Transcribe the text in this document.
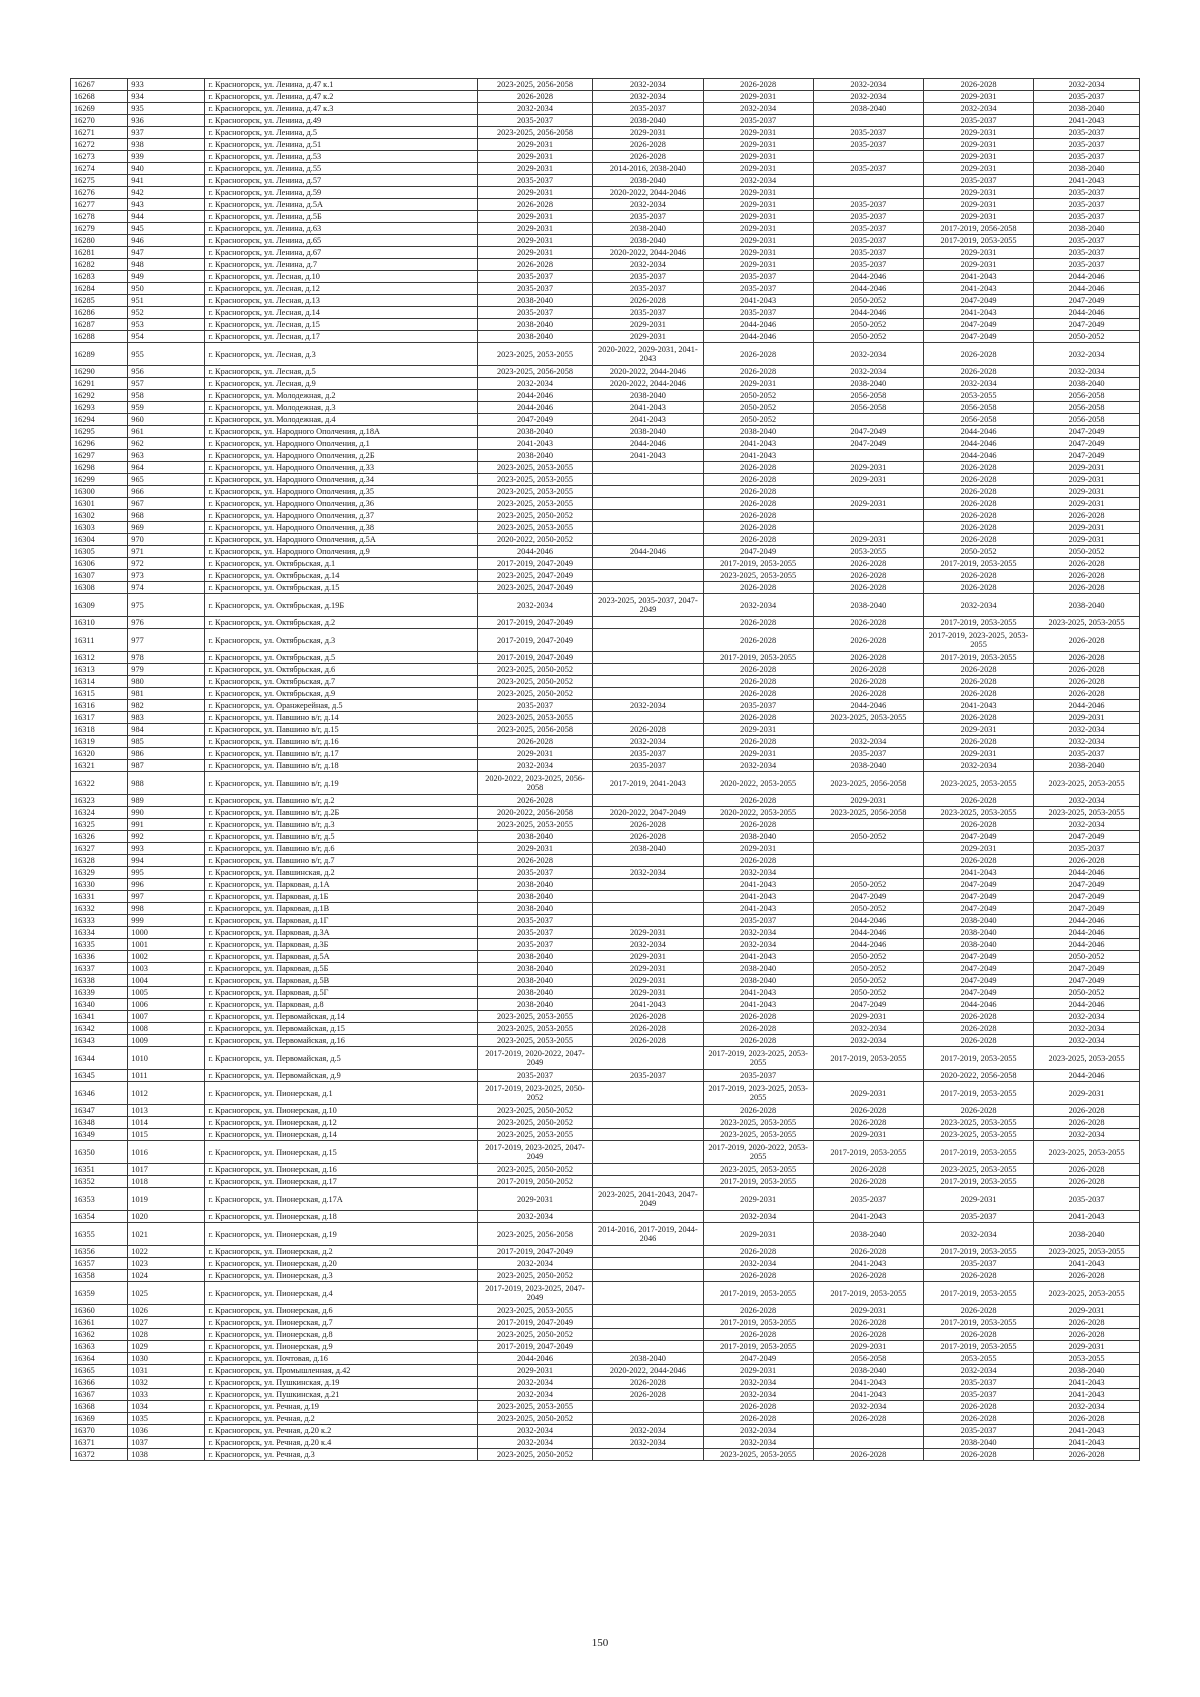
16267	933	г. Красногорск, ул. Ленина, д.47 к.1	2023-2025, 2056-2058	2032-2034	2026-2028	2032-2034	2026-2028	2032-2034
16268	934	г. Красногорск, ул. Ленина, д.47 к.2	2026-2028	2032-2034	2029-2031	2032-2034	2029-2031	2035-2037
16269	935	г. Красногорск, ул. Ленина, д.47 к.3	2032-2034	2035-2037	2032-2034	2038-2040	2032-2034	2038-2040
16270	936	г. Красногорск, ул. Ленина, д.49	2035-2037	2038-2040	2035-2037		2035-2037	2041-2043
16271	937	г. Красногорск, ул. Ленина, д.5	2023-2025, 2056-2058	2029-2031	2029-2031	2035-2037	2029-2031	2035-2037
16272	938	г. Красногорск, ул. Ленина, д.51	2029-2031	2026-2028	2029-2031	2035-2037	2029-2031	2035-2037
16273	939	г. Красногорск, ул. Ленина, д.53	2029-2031	2026-2028	2029-2031		2029-2031	2035-2037
16274	940	г. Красногорск, ул. Ленина, д.55	2029-2031	2014-2016, 2038-2040	2029-2031	2035-2037	2029-2031	2038-2040
16275	941	г. Красногорск, ул. Ленина, д.57	2035-2037	2038-2040	2032-2034		2035-2037	2041-2043
16276	942	г. Красногорск, ул. Ленина, д.59	2029-2031	2020-2022, 2044-2046	2029-2031		2029-2031	2035-2037
16277	943	г. Красногорск, ул. Ленина, д.5А	2026-2028	2032-2034	2029-2031	2035-2037	2029-2031	2035-2037
16278	944	г. Красногорск, ул. Ленина, д.5Б	2029-2031	2035-2037	2029-2031	2035-2037	2029-2031	2035-2037
16279	945	г. Красногорск, ул. Ленина, д.63	2029-2031	2038-2040	2029-2031	2035-2037	2017-2019, 2056-2058	2038-2040
16280	946	г. Красногорск, ул. Ленина, д.65	2029-2031	2038-2040	2029-2031	2035-2037	2017-2019, 2053-2055	2035-2037
16281	947	г. Красногорск, ул. Ленина, д.67	2029-2031	2020-2022, 2044-2046	2029-2031	2035-2037	2029-2031	2035-2037
16282	948	г. Красногорск, ул. Ленина, д.7	2026-2028	2032-2034	2029-2031	2035-2037	2029-2031	2035-2037
16283	949	г. Красногорск, ул. Лесная, д.10	2035-2037	2035-2037	2035-2037	2044-2046	2041-2043	2044-2046
16284	950	г. Красногорск, ул. Лесная, д.12	2035-2037	2035-2037	2035-2037	2044-2046	2041-2043	2044-2046
16285	951	г. Красногорск, ул. Лесная, д.13	2038-2040	2026-2028	2041-2043	2050-2052	2047-2049	2047-2049
16286	952	г. Красногорск, ул. Лесная, д.14	2035-2037	2035-2037	2035-2037	2044-2046	2041-2043	2044-2046
16287	953	г. Красногорск, ул. Лесная, д.15	2038-2040	2029-2031	2044-2046	2050-2052	2047-2049	2047-2049
16288	954	г. Красногорск, ул. Лесная, д.17	2038-2040	2029-2031	2044-2046	2050-2052	2047-2049	2050-2052
16289	955	г. Красногорск, ул. Лесная, д.3	2023-2025, 2053-2055	2020-2022, 2029-2031, 2041-2043	2026-2028	2032-2034	2026-2028	2032-2034
16290	956	г. Красногорск, ул. Лесная, д.5	2023-2025, 2056-2058	2020-2022, 2044-2046	2026-2028	2032-2034	2026-2028	2032-2034
16291	957	г. Красногорск, ул. Лесная, д.9	2032-2034	2020-2022, 2044-2046	2029-2031	2038-2040	2032-2034	2038-2040
16292	958	г. Красногорск, ул. Молодежная, д.2	2044-2046	2038-2040	2050-2052	2056-2058	2053-2055	2056-2058
16293	959	г. Красногорск, ул. Молодежная, д.3	2044-2046	2041-2043	2050-2052	2056-2058	2056-2058	2056-2058
16294	960	г. Красногорск, ул. Молодежная, д.4	2047-2049	2041-2043	2050-2052		2056-2058	2056-2058
16295	961	г. Красногорск, ул. Народного Ополчения, д.18А	2038-2040	2038-2040	2038-2040	2047-2049	2044-2046	2047-2049
16296	962	г. Красногорск, ул. Народного Ополчения, д.1	2041-2043	2044-2046	2041-2043	2047-2049	2044-2046	2047-2049
16297	963	г. Красногорск, ул. Народного Ополчения, д.2Б	2038-2040	2041-2043	2041-2043		2044-2046	2047-2049
16298	964	г. Красногорск, ул. Народного Ополчения, д.33	2023-2025, 2053-2055		2026-2028	2029-2031	2026-2028	2029-2031
16299	965	г. Красногорск, ул. Народного Ополчения, д.34	2023-2025, 2053-2055		2026-2028	2029-2031	2026-2028	2029-2031
16300	966	г. Красногорск, ул. Народного Ополчения, д.35	2023-2025, 2053-2055		2026-2028		2026-2028	2029-2031
16301	967	г. Красногорск, ул. Народного Ополчения, д.36	2023-2025, 2053-2055		2026-2028	2029-2031	2026-2028	2029-2031
16302	968	г. Красногорск, ул. Народного Ополчения, д.37	2023-2025, 2050-2052		2026-2028		2026-2028	2026-2028
16303	969	г. Красногорск, ул. Народного Ополчения, д.38	2023-2025, 2053-2055		2026-2028		2026-2028	2029-2031
16304	970	г. Красногорск, ул. Народного Ополчения, д.5А	2020-2022, 2050-2052		2026-2028	2029-2031	2026-2028	2029-2031
16305	971	г. Красногорск, ул. Народного Ополчения, д.9	2044-2046	2044-2046	2047-2049	2053-2055	2050-2052	2050-2052
16306	972	г. Красногорск, ул. Октябрьская, д.1	2017-2019, 2047-2049		2017-2019, 2053-2055	2026-2028	2017-2019, 2053-2055	2026-2028
16307	973	г. Красногорск, ул. Октябрьская, д.14	2023-2025, 2047-2049		2023-2025, 2053-2055	2026-2028	2026-2028	2026-2028
16308	974	г. Красногорск, ул. Октябрьская, д.15	2023-2025, 2047-2049		2026-2028	2026-2028	2026-2028	2026-2028
16309	975	г. Красногорск, ул. Октябрьская, д.19Б	2032-2034	2023-2025, 2035-2037, 2047-2049	2032-2034	2038-2040	2032-2034	2038-2040
16310	976	г. Красногорск, ул. Октябрьская, д.2	2017-2019, 2047-2049		2026-2028	2026-2028	2017-2019, 2053-2055	2023-2025, 2053-2055
16311	977	г. Красногорск, ул. Октябрьская, д.3	2017-2019, 2047-2049		2026-2028	2026-2028	2017-2019, 2023-2025, 2053-2055	2026-2028
16312	978	г. Красногорск, ул. Октябрьская, д.5	2017-2019, 2047-2049		2017-2019, 2053-2055	2026-2028	2017-2019, 2053-2055	2026-2028
16313	979	г. Красногорск, ул. Октябрьская, д.6	2023-2025, 2050-2052		2026-2028	2026-2028	2026-2028	2026-2028
16314	980	г. Красногорск, ул. Октябрьская, д.7	2023-2025, 2050-2052		2026-2028	2026-2028	2026-2028	2026-2028
16315	981	г. Красногорск, ул. Октябрьская, д.9	2023-2025, 2050-2052		2026-2028	2026-2028	2026-2028	2026-2028
16316	982	г. Красногорск, ул. Оранжерейная, д.5	2035-2037	2032-2034	2035-2037	2044-2046	2041-2043	2044-2046
16317	983	г. Красногорск, ул. Павшино в/г, д.14	2023-2025, 2053-2055		2026-2028	2023-2025, 2053-2055	2026-2028	2029-2031
16318	984	г. Красногорск, ул. Павшино в/г, д.15	2023-2025, 2056-2058	2026-2028	2029-2031		2029-2031	2032-2034
16319	985	г. Красногорск, ул. Павшино в/г, д.16	2026-2028	2032-2034	2026-2028	2032-2034	2026-2028	2032-2034
16320	986	г. Красногорск, ул. Павшино в/г, д.17	2029-2031	2035-2037	2029-2031	2035-2037	2029-2031	2035-2037
16321	987	г. Красногорск, ул. Павшино в/г, д.18	2032-2034	2035-2037	2032-2034	2038-2040	2032-2034	2038-2040
16322	988	г. Красногорск, ул. Павшино в/г, д.19	2020-2022, 2023-2025, 2056-2058	2017-2019, 2041-2043	2020-2022, 2053-2055	2023-2025, 2056-2058	2023-2025, 2053-2055	2023-2025, 2053-2055
16323	989	г. Красногорск, ул. Павшино в/г, д.2	2026-2028		2026-2028	2029-2031	2026-2028	2032-2034
16324	990	г. Красногорск, ул. Павшино в/г, д.2Б	2020-2022, 2056-2058	2020-2022, 2047-2049	2020-2022, 2053-2055	2023-2025, 2056-2058	2023-2025, 2053-2055	2023-2025, 2053-2055
16325	991	г. Красногорск, ул. Павшино в/г, д.3	2023-2025, 2053-2055	2026-2028	2026-2028		2026-2028	2032-2034
16326	992	г. Красногорск, ул. Павшино в/г, д.5	2038-2040	2026-2028	2038-2040	2050-2052	2047-2049	2047-2049
16327	993	г. Красногорск, ул. Павшино в/г, д.6	2029-2031	2038-2040	2029-2031		2029-2031	2035-2037
16328	994	г. Красногорск, ул. Павшино в/г, д.7	2026-2028		2026-2028		2026-2028	2026-2028
16329	995	г. Красногорск, ул. Павшинская, д.2	2035-2037	2032-2034	2032-2034		2041-2043	2044-2046
16330	996	г. Красногорск, ул. Парковая, д.1А	2038-2040		2041-2043	2050-2052	2047-2049	2047-2049
16331	997	г. Красногорск, ул. Парковая, д.1Б	2038-2040		2041-2043	2047-2049	2047-2049	2047-2049
16332	998	г. Красногорск, ул. Парковая, д.1В	2038-2040		2041-2043	2050-2052	2047-2049	2047-2049
16333	999	г. Красногорск, ул. Парковая, д.1Г	2035-2037		2035-2037	2044-2046	2038-2040	2044-2046
16334	1000	г. Красногорск, ул. Парковая, д.3А	2035-2037	2029-2031	2032-2034	2044-2046	2038-2040	2044-2046
16335	1001	г. Красногорск, ул. Парковая, д.3Б	2035-2037	2032-2034	2032-2034	2044-2046	2038-2040	2044-2046
16336	1002	г. Красногорск, ул. Парковая, д.5А	2038-2040	2029-2031	2041-2043	2050-2052	2047-2049	2050-2052
16337	1003	г. Красногорск, ул. Парковая, д.5Б	2038-2040	2029-2031	2038-2040	2050-2052	2047-2049	2047-2049
16338	1004	г. Красногорск, ул. Парковая, д.5В	2038-2040	2029-2031	2038-2040	2050-2052	2047-2049	2047-2049
16339	1005	г. Красногорск, ул. Парковая, д.5Г	2038-2040	2029-2031	2041-2043	2050-2052	2047-2049	2050-2052
16340	1006	г. Красногорск, ул. Парковая, д.8	2038-2040	2041-2043	2041-2043	2047-2049	2044-2046	2044-2046
16341	1007	г. Красногорск, ул. Первомайская, д.14	2023-2025, 2053-2055	2026-2028	2026-2028	2029-2031	2026-2028	2032-2034
16342	1008	г. Красногорск, ул. Первомайская, д.15	2023-2025, 2053-2055	2026-2028	2026-2028	2032-2034	2026-2028	2032-2034
16343	1009	г. Красногорск, ул. Первомайская, д.16	2023-2025, 2053-2055	2026-2028	2026-2028	2032-2034	2026-2028	2032-2034
16344	1010	г. Красногорск, ул. Первомайская, д.5	2017-2019, 2020-2022, 2047-2049		2017-2019, 2023-2025, 2053-2055	2017-2019, 2053-2055	2017-2019, 2053-2055	2023-2025, 2053-2055
16345	1011	г. Красногорск, ул. Первомайская, д.9	2035-2037	2035-2037	2035-2037		2020-2022, 2056-2058	2044-2046
16346	1012	г. Красногорск, ул. Пионерская, д.1	2017-2019, 2023-2025, 2050-2052		2017-2019, 2023-2025, 2053-2055	2029-2031	2017-2019, 2053-2055	2029-2031
16347	1013	г. Красногорск, ул. Пионерская, д.10	2023-2025, 2050-2052		2026-2028	2026-2028	2026-2028	2026-2028
16348	1014	г. Красногорск, ул. Пионерская, д.12	2023-2025, 2050-2052		2023-2025, 2053-2055	2026-2028	2023-2025, 2053-2055	2026-2028
16349	1015	г. Красногорск, ул. Пионерская, д.14	2023-2025, 2053-2055		2023-2025, 2053-2055	2029-2031	2023-2025, 2053-2055	2032-2034
16350	1016	г. Красногорск, ул. Пионерская, д.15	2017-2019, 2023-2025, 2047-2049		2017-2019, 2020-2022, 2053-2055	2017-2019, 2053-2055	2017-2019, 2053-2055	2023-2025, 2053-2055
16351	1017	г. Красногорск, ул. Пионерская, д.16	2023-2025, 2050-2052		2023-2025, 2053-2055	2026-2028	2023-2025, 2053-2055	2026-2028
16352	1018	г. Красногорск, ул. Пионерская, д.17	2017-2019, 2050-2052		2017-2019, 2053-2055	2026-2028	2017-2019, 2053-2055	2026-2028
16353	1019	г. Красногорск, ул. Пионерская, д.17А	2029-2031	2023-2025, 2041-2043, 2047-2049	2029-2031	2035-2037	2029-2031	2035-2037
16354	1020	г. Красногорск, ул. Пионерская, д.18	2032-2034		2032-2034	2041-2043	2035-2037	2041-2043
16355	1021	г. Красногорск, ул. Пионерская, д.19	2023-2025, 2056-2058	2014-2016, 2017-2019, 2044-2046	2029-2031	2038-2040	2032-2034	2038-2040
16356	1022	г. Красногорск, ул. Пионерская, д.2	2017-2019, 2047-2049		2026-2028	2026-2028	2017-2019, 2053-2055	2023-2025, 2053-2055
16357	1023	г. Красногорск, ул. Пионерская, д.20	2032-2034		2032-2034	2041-2043	2035-2037	2041-2043
16358	1024	г. Красногорск, ул. Пионерская, д.3	2023-2025, 2050-2052		2026-2028	2026-2028	2026-2028	2026-2028
16359	1025	г. Красногорск, ул. Пионерская, д.4	2017-2019, 2023-2025, 2047-2049		2017-2019, 2053-2055	2017-2019, 2053-2055	2017-2019, 2053-2055	2023-2025, 2053-2055
16360	1026	г. Красногорск, ул. Пионерская, д.6	2023-2025, 2053-2055		2026-2028	2029-2031	2026-2028	2029-2031
16361	1027	г. Красногорск, ул. Пионерская, д.7	2017-2019, 2047-2049		2017-2019, 2053-2055	2026-2028	2017-2019, 2053-2055	2026-2028
16362	1028	г. Красногорск, ул. Пионерская, д.8	2023-2025, 2050-2052		2026-2028	2026-2028	2026-2028	2026-2028
16363	1029	г. Красногорск, ул. Пионерская, д.9	2017-2019, 2047-2049		2017-2019, 2053-2055	2029-2031	2017-2019, 2053-2055	2029-2031
16364	1030	г. Красногорск, ул. Почтовая, д.16	2044-2046	2038-2040	2047-2049	2056-2058	2053-2055	2053-2055
16365	1031	г. Красногорск, ул. Промышленная, д.42	2029-2031	2020-2022, 2044-2046	2029-2031	2038-2040	2032-2034	2038-2040
16366	1032	г. Красногорск, ул. Пушкинская, д.19	2032-2034	2026-2028	2032-2034	2041-2043	2035-2037	2041-2043
16367	1033	г. Красногорск, ул. Пушкинская, д.21	2032-2034	2026-2028	2032-2034	2041-2043	2035-2037	2041-2043
16368	1034	г. Красногорск, ул. Речная, д.19	2023-2025, 2053-2055		2026-2028	2032-2034	2026-2028	2032-2034
16369	1035	г. Красногорск, ул. Речная, д.2	2023-2025, 2050-2052		2026-2028	2026-2028	2026-2028	2026-2028
16370	1036	г. Красногорск, ул. Речная, д.20 к.2	2032-2034	2032-2034	2032-2034		2035-2037	2041-2043
16371	1037	г. Красногорск, ул. Речная, д.20 к.4	2032-2034	2032-2034	2032-2034		2038-2040	2041-2043
16372	1038	г. Красногорск, ул. Речная, д.3	2023-2025, 2050-2052		2023-2025, 2053-2055	2026-2028	2026-2028	2026-2028
150
